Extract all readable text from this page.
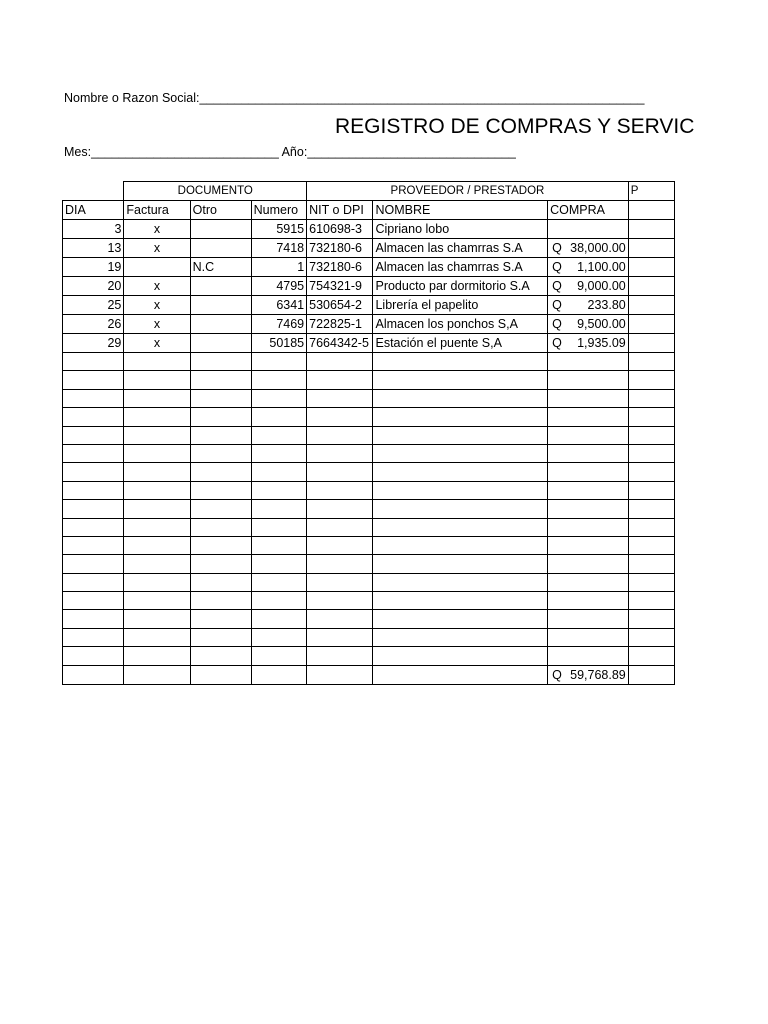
Nombre o Razon Social:________________________________________________________________
REGISTRO DE COMPRAS Y SERVIC
Mes:___________________________ Año:______________________________
	DOCUMENTO			PROVEEDOR / PRESTADOR			P
DIA	Factura	Otro	Numero	NIT o DPI	NOMBRE	COMPRA	
3	x		5915	610698-3	Cipriano lobo	

13	x		7418	732180-6	Almacen las chamrras S.A	Q 38,000.00	

19		N.C	1	732180-6	Almacen las chamrras S.A	Q 1,100.00	

20	x		4795	754321-9	Producto par dormitorio S.A	Q 9,000.00	

25	x		6341	530654-2	Librería el papelito	Q 233.80	

26	x		7469	722825-1	Almacen los ponchos S,A	Q 9,500.00	

29	x		50185	7664342-5	Estación el puente S,A	Q 1,935.09	

						Q 59,768.89	
